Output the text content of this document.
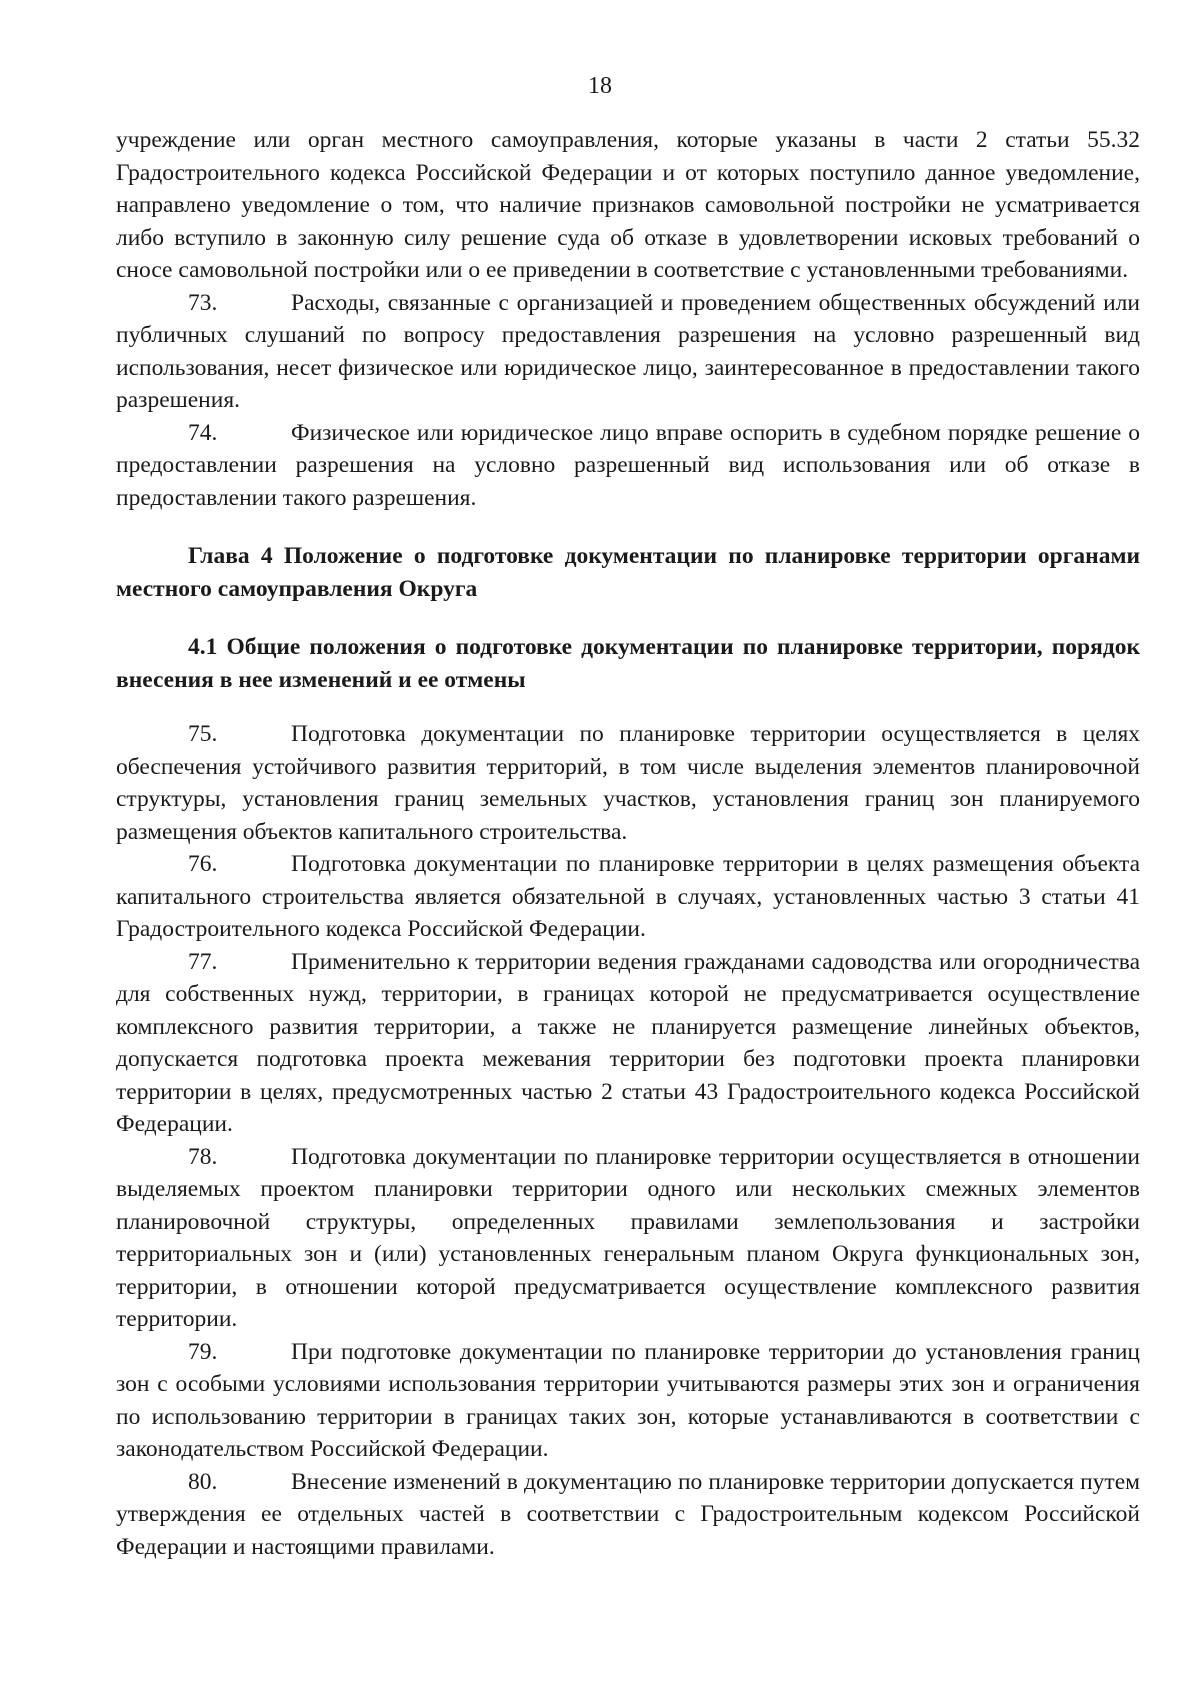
18

учреждение или орган местного самоуправления, которые указаны в части 2 статьи 55.32 Градостроительного кодекса Российской Федерации и от которых поступило данное уведомление, направлено уведомление о том, что наличие признаков самовольной постройки не усматривается либо вступило в законную силу решение суда об отказе в удовлетворении исковых требований о сносе самовольной постройки или о ее приведении в соответствие с установленными требованиями.

73.	Расходы, связанные с организацией и проведением общественных обсуждений или публичных слушаний по вопросу предоставления разрешения на условно разрешенный вид использования, несет физическое или юридическое лицо, заинтересованное в предоставлении такого разрешения.

74.	Физическое или юридическое лицо вправе оспорить в судебном порядке решение о предоставлении разрешения на условно разрешенный вид использования или об отказе в предоставлении такого разрешения.

Глава 4 Положение о подготовке документации по планировке территории органами местного самоуправления Округа

4.1 Общие положения о подготовке документации по планировке территории, порядок внесения в нее изменений и ее отмены

75.	Подготовка документации по планировке территории осуществляется в целях обеспечения устойчивого развития территорий, в том числе выделения элементов планировочной структуры, установления границ земельных участков, установления границ зон планируемого размещения объектов капитального строительства.

76.	Подготовка документации по планировке территории в целях размещения объекта капитального строительства является обязательной в случаях, установленных частью 3 статьи 41 Градостроительного кодекса Российской Федерации.

77.	Применительно к территории ведения гражданами садоводства или огородничества для собственных нужд, территории, в границах которой не предусматривается осуществление комплексного развития территории, а также не планируется размещение линейных объектов, допускается подготовка проекта межевания территории без подготовки проекта планировки территории в целях, предусмотренных частью 2 статьи 43 Градостроительного кодекса Российской Федерации.

78.	Подготовка документации по планировке территории осуществляется в отношении выделяемых проектом планировки территории одного или нескольких смежных элементов планировочной структуры, определенных правилами землепользования и застройки территориальных зон и (или) установленных генеральным планом Округа функциональных зон, территории, в отношении которой предусматривается осуществление комплексного развития территории.

79.	При подготовке документации по планировке территории до установления границ зон с особыми условиями использования территории учитываются размеры этих зон и ограничения по использованию территории в границах таких зон, которые устанавливаются в соответствии с законодательством Российской Федерации.

80.	Внесение изменений в документацию по планировке территории допускается путем утверждения ее отдельных частей в соответствии с Градостроительным кодексом Российской Федерации и настоящими правилами.
